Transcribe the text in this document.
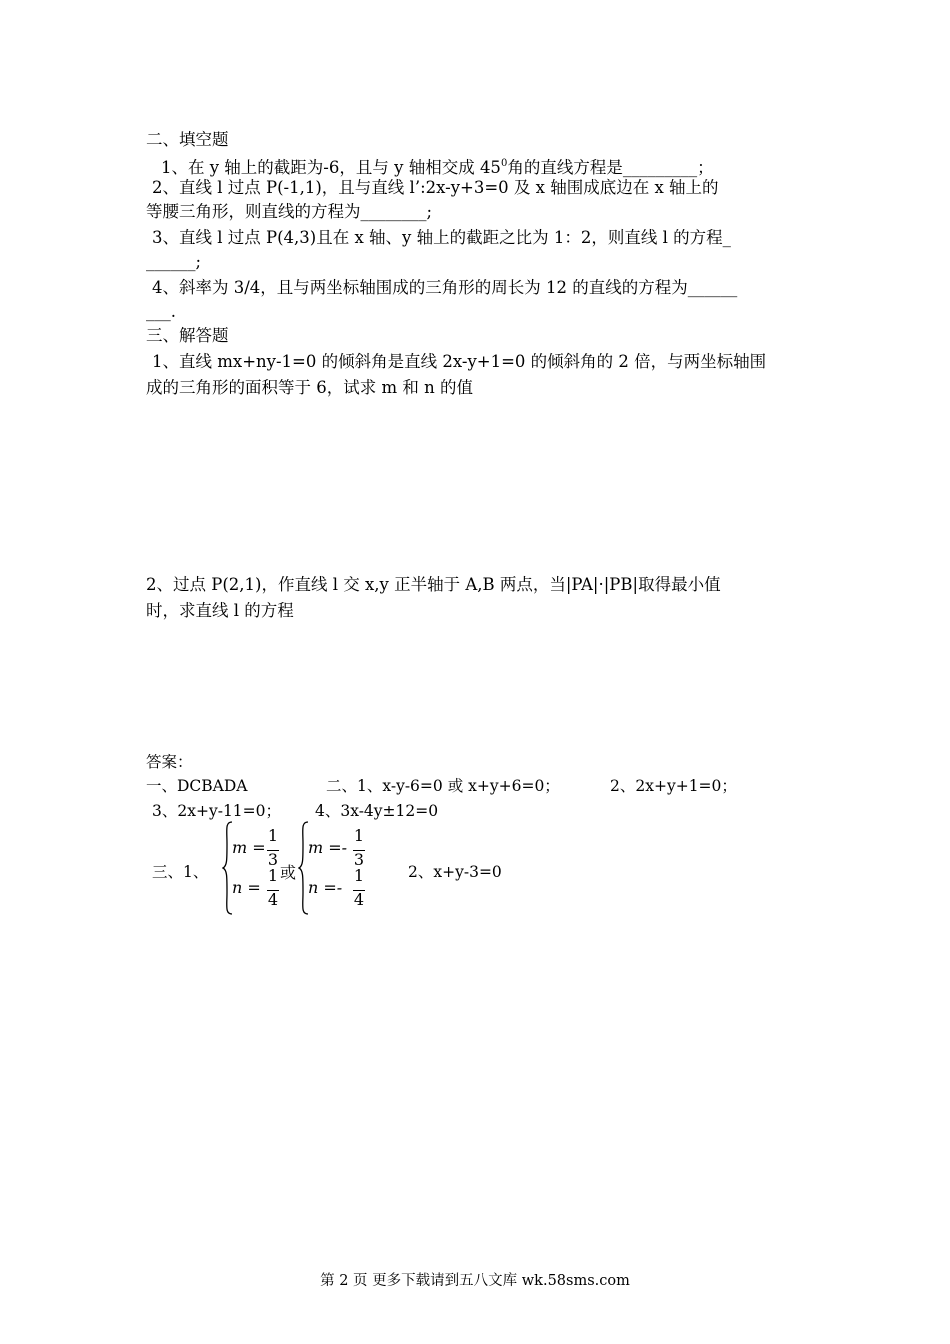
二、填空题
1、在 y 轴上的截距为-6，且与 y 轴相交成 $45^0$角的直线方程是_________；
2、直线 l 过点 P(-1,1)，且与直线 l’:2x-y+3=0 及 x 轴围成底边在 x 轴上的
等腰三角形，则直线的方程为________;
3、直线 l 过点 P(4,3)且在 x 轴、y 轴上的截距之比为 1：2，则直线 l 的方程_
______;
4、斜率为 3/4，且与两坐标轴围成的三角形的周长为 12 的直线的方程为______
___.
三、解答题
1、直线 mx+ny-1=0 的倾斜角是直线 2x-y+1=0 的倾斜角的 2 倍，与两坐标轴围
成的三角形的面积等于 6，试求 m 和 n 的值
2、过点 P(2,1)，作直线 l 交 x,y 正半轴于 A,B 两点，当|PA|·|PB|取得最小值
时，求直线 l 的方程
答案：
一、DCBADA	二、1、x-y-6=0 或 x+y+6=0；	2、2x+y+1=0；
3、2x+y-11=0； 4、3x-4y±12=0
三、1、
m =
1
3
n =
1
4
或
m =-
1
3
n =-
1
4
2、x+y-3=0
第 2 页 更多下载请到五八文库 wk.58sms.com
